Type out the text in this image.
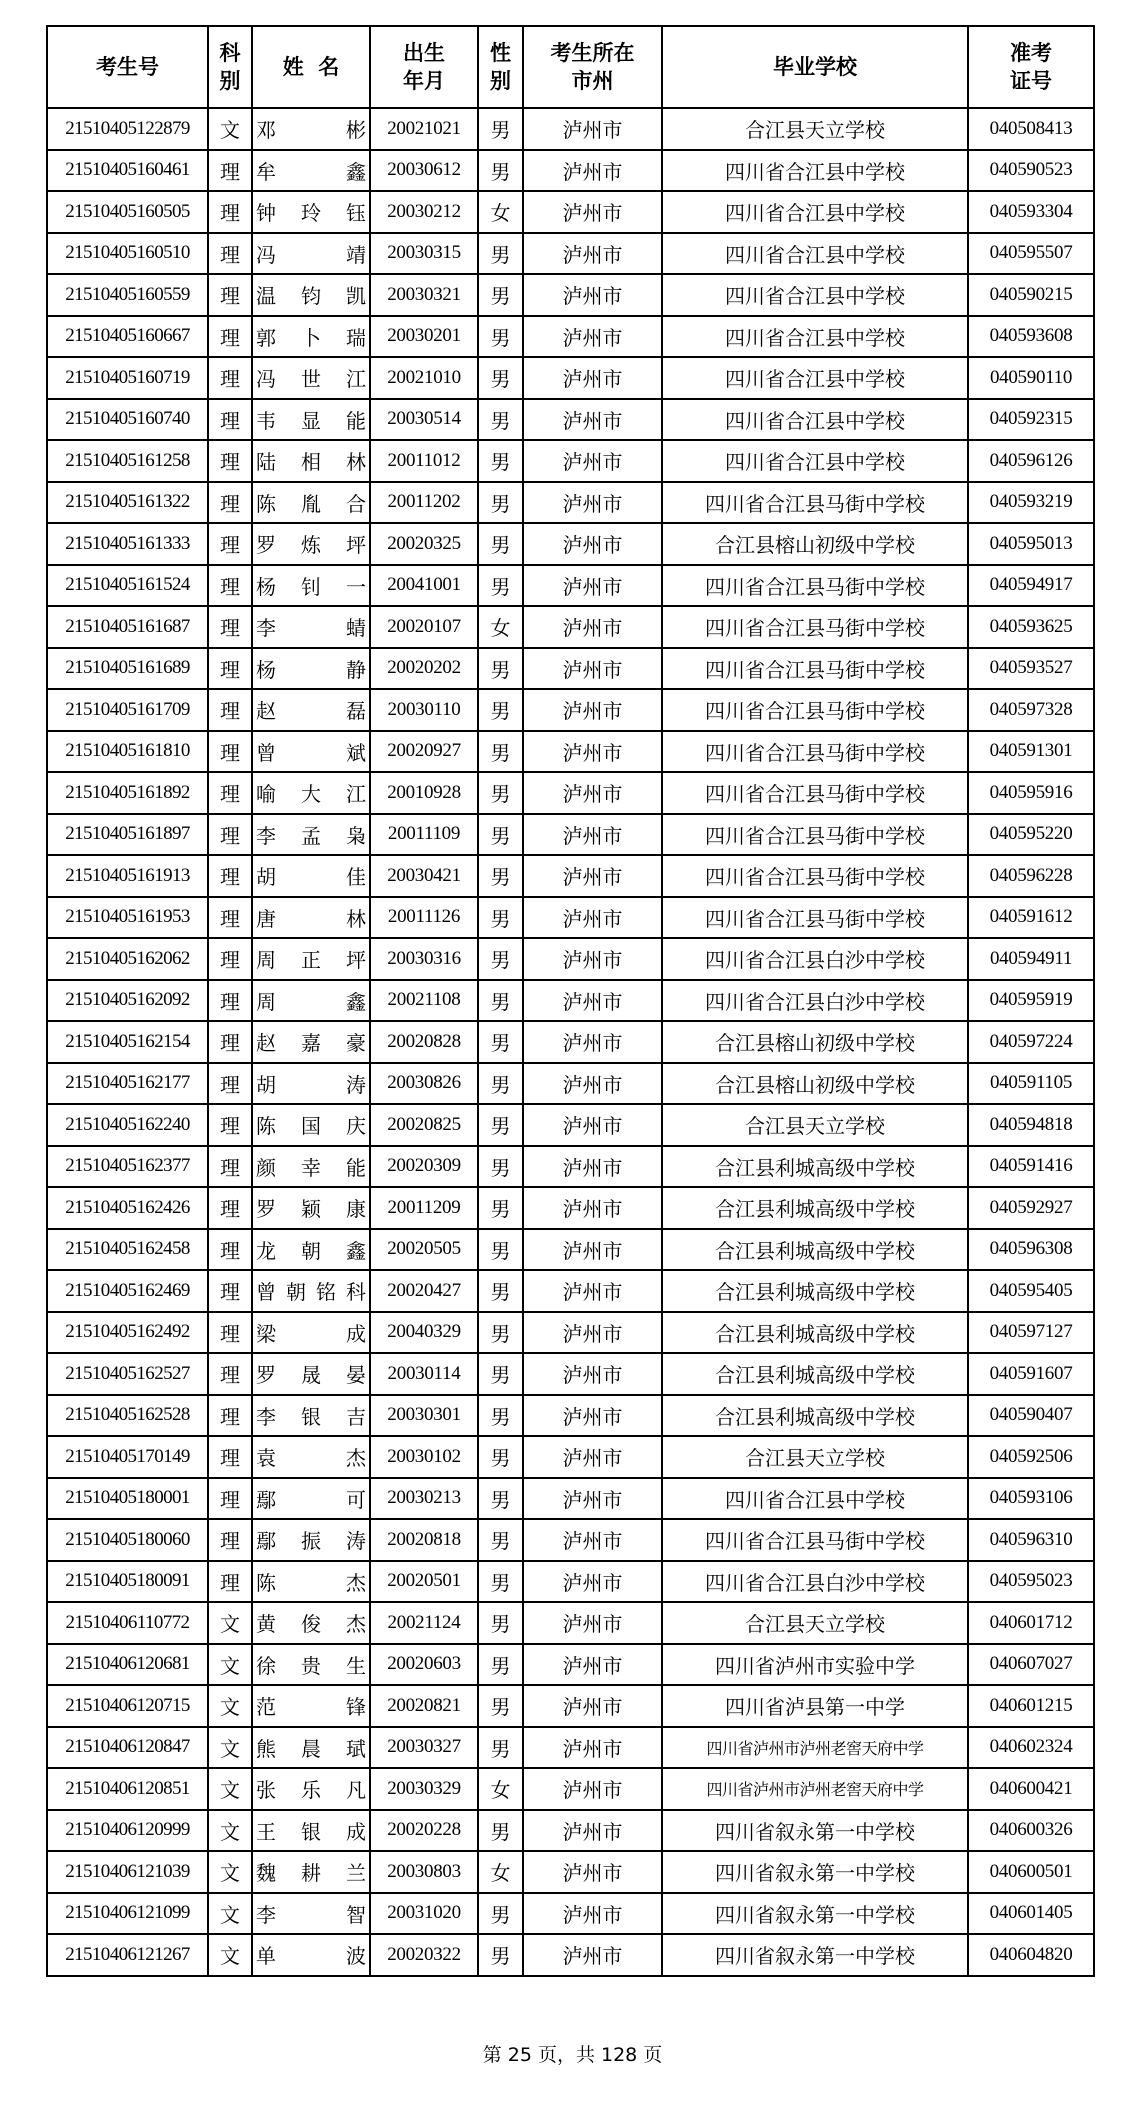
考生号	科别	姓  名	出生年月	性别	考生所在市州	毕业学校	准考证号
21510405122879	文	邓彬	20021021	男	泸州市	合江县天立学校	040508413
21510405160461	理	牟鑫	20030612	男	泸州市	四川省合江县中学校	040590523
21510405160505	理	钟玲钰	20030212	女	泸州市	四川省合江县中学校	040593304
21510405160510	理	冯靖	20030315	男	泸州市	四川省合江县中学校	040595507
21510405160559	理	温钧凯	20030321	男	泸州市	四川省合江县中学校	040590215
21510405160667	理	郭卜瑞	20030201	男	泸州市	四川省合江县中学校	040593608
21510405160719	理	冯世江	20021010	男	泸州市	四川省合江县中学校	040590110
21510405160740	理	韦显能	20030514	男	泸州市	四川省合江县中学校	040592315
21510405161258	理	陆相林	20011012	男	泸州市	四川省合江县中学校	040596126
21510405161322	理	陈胤合	20011202	男	泸州市	四川省合江县马街中学校	040593219
21510405161333	理	罗炼坪	20020325	男	泸州市	合江县榕山初级中学校	040595013
21510405161524	理	杨钊一	20041001	男	泸州市	四川省合江县马街中学校	040594917
21510405161687	理	李蜻	20020107	女	泸州市	四川省合江县马街中学校	040593625
21510405161689	理	杨静	20020202	男	泸州市	四川省合江县马街中学校	040593527
21510405161709	理	赵磊	20030110	男	泸州市	四川省合江县马街中学校	040597328
21510405161810	理	曾斌	20020927	男	泸州市	四川省合江县马街中学校	040591301
21510405161892	理	喻大江	20010928	男	泸州市	四川省合江县马街中学校	040595916
21510405161897	理	李孟枭	20011109	男	泸州市	四川省合江县马街中学校	040595220
21510405161913	理	胡佳	20030421	男	泸州市	四川省合江县马街中学校	040596228
21510405161953	理	唐林	20011126	男	泸州市	四川省合江县马街中学校	040591612
21510405162062	理	周正坪	20030316	男	泸州市	四川省合江县白沙中学校	040594911
21510405162092	理	周鑫	20021108	男	泸州市	四川省合江县白沙中学校	040595919
21510405162154	理	赵嘉豪	20020828	男	泸州市	合江县榕山初级中学校	040597224
21510405162177	理	胡涛	20030826	男	泸州市	合江县榕山初级中学校	040591105
21510405162240	理	陈国庆	20020825	男	泸州市	合江县天立学校	040594818
21510405162377	理	颜幸能	20020309	男	泸州市	合江县利城高级中学校	040591416
21510405162426	理	罗颖康	20011209	男	泸州市	合江县利城高级中学校	040592927
21510405162458	理	龙朝鑫	20020505	男	泸州市	合江县利城高级中学校	040596308
21510405162469	理	曾朝铭科	20020427	男	泸州市	合江县利城高级中学校	040595405
21510405162492	理	梁成	20040329	男	泸州市	合江县利城高级中学校	040597127
21510405162527	理	罗晟晏	20030114	男	泸州市	合江县利城高级中学校	040591607
21510405162528	理	李银吉	20030301	男	泸州市	合江县利城高级中学校	040590407
21510405170149	理	袁杰	20030102	男	泸州市	合江县天立学校	040592506
21510405180001	理	鄢可	20030213	男	泸州市	四川省合江县中学校	040593106
21510405180060	理	鄢振涛	20020818	男	泸州市	四川省合江县马街中学校	040596310
21510405180091	理	陈杰	20020501	男	泸州市	四川省合江县白沙中学校	040595023
21510406110772	文	黄俊杰	20021124	男	泸州市	合江县天立学校	040601712
21510406120681	文	徐贵生	20020603	男	泸州市	四川省泸州市实验中学	040607027
21510406120715	文	范锋	20020821	男	泸州市	四川省泸县第一中学	040601215
21510406120847	文	熊晨珷	20030327	男	泸州市	四川省泸州市泸州老窖天府中学	040602324
21510406120851	文	张乐凡	20030329	女	泸州市	四川省泸州市泸州老窖天府中学	040600421
21510406120999	文	王银成	20020228	男	泸州市	四川省叙永第一中学校	040600326
21510406121039	文	魏耕兰	20030803	女	泸州市	四川省叙永第一中学校	040600501
21510406121099	文	李智	20031020	男	泸州市	四川省叙永第一中学校	040601405
21510406121267	文	单波	20020322	男	泸州市	四川省叙永第一中学校	040604820
第 25 页，共 128 页
